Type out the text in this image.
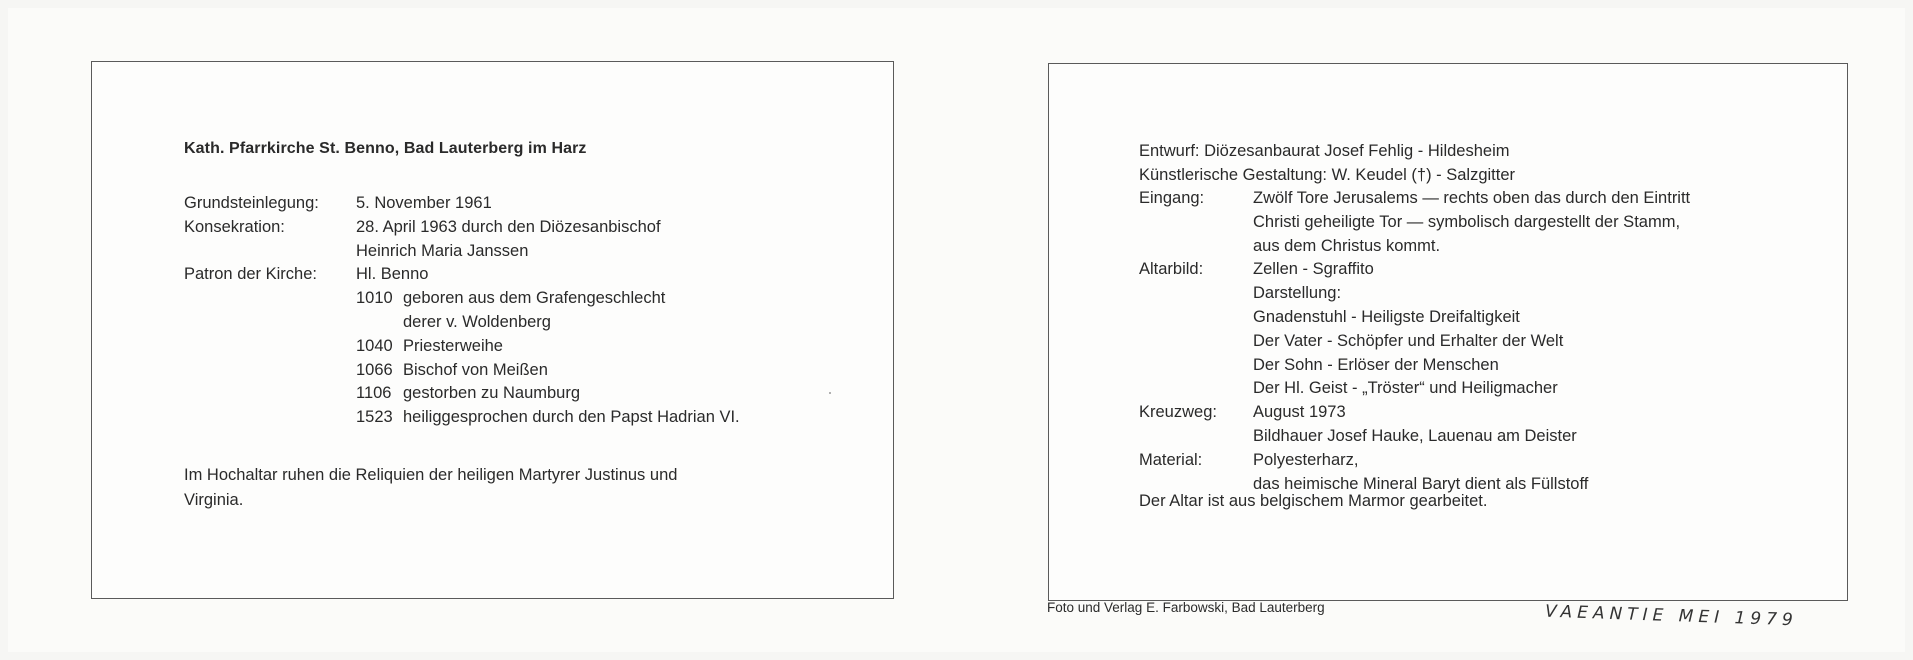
Kath. Pfarrkirche St. Benno, Bad Lauterberg im Harz
Grundsteinlegung:	5. November 1961
Konsekration:	28. April 1963 durch den Diözesanbischof
Heinrich Maria Janssen
Patron der Kirche:	Hl. Benno
1010 geboren aus dem Grafengeschlecht
derer v. Woldenberg
1040 Priesterweihe
1066 Bischof von Meißen
1106 gestorben zu Naumburg
1523 heiliggesprochen durch den Papst Hadrian VI.
Im Hochaltar ruhen die Reliquien der heiligen Martyrer Justinus und
Virginia.
Entwurf: Diözesanbaurat Josef Fehlig - Hildesheim
Künstlerische Gestaltung: W. Keudel (†) - Salzgitter
Eingang:	Zwölf Tore Jerusalems — rechts oben das durch den Eintritt
Christi geheiligte Tor — symbolisch dargestellt der Stamm,
aus dem Christus kommt.
Altarbild:	Zellen - Sgraffito
Darstellung:
Gnadenstuhl - Heiligste Dreifaltigkeit
Der Vater - Schöpfer und Erhalter der Welt
Der Sohn - Erlöser der Menschen
Der Hl. Geist - „Tröster“ und Heiligmacher
Kreuzweg:	August 1973
Bildhauer Josef Hauke, Lauenau am Deister
Material:	Polyesterharz,
das heimische Mineral Baryt dient als Füllstoff
Der Altar ist aus belgischem Marmor gearbeitet.
Foto und Verlag E. Farbowski, Bad Lauterberg	VAEANTIE MEI 1979
